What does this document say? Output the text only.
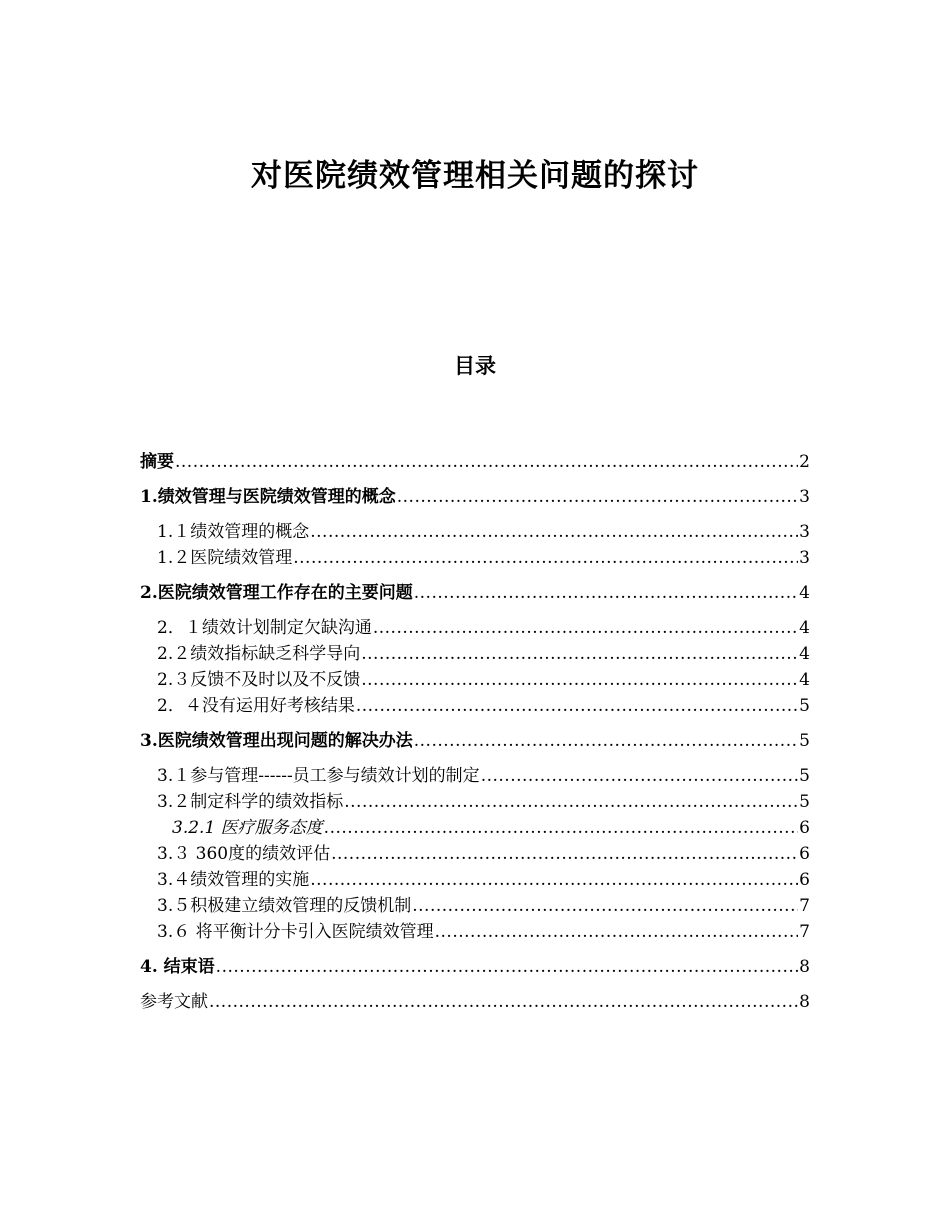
对医院绩效管理相关问题的探讨
目录
摘要 .....	2
1.绩效管理与医院绩效管理的概念 .....	3
1.１绩效管理的概念 .....	3
1.２医院绩效管理 .....	3
2.医院绩效管理工作存在的主要问题 .....	4
2．１绩效计划制定欠缺沟通 .....	4
2.２绩效指标缺乏科学导向 .....	4
2.３反馈不及时以及不反馈 .....	4
2．４没有运用好考核结果 .....	5
3.医院绩效管理出现问题的解决办法 .....	5
3.１参与管理------员工参与绩效计划的制定 .....	5
3.２制定科学的绩效指标 .....	5
3.2.1 医疗服务态度 .....	6
3.３ 360度的绩效评估 .....	6
3.４绩效管理的实施 .....	6
3.５积极建立绩效管理的反馈机制 .....	7
3.６ 将平衡计分卡引入医院绩效管理 .....	7
4. 结束语 .....	8
参考文献 .....	8
